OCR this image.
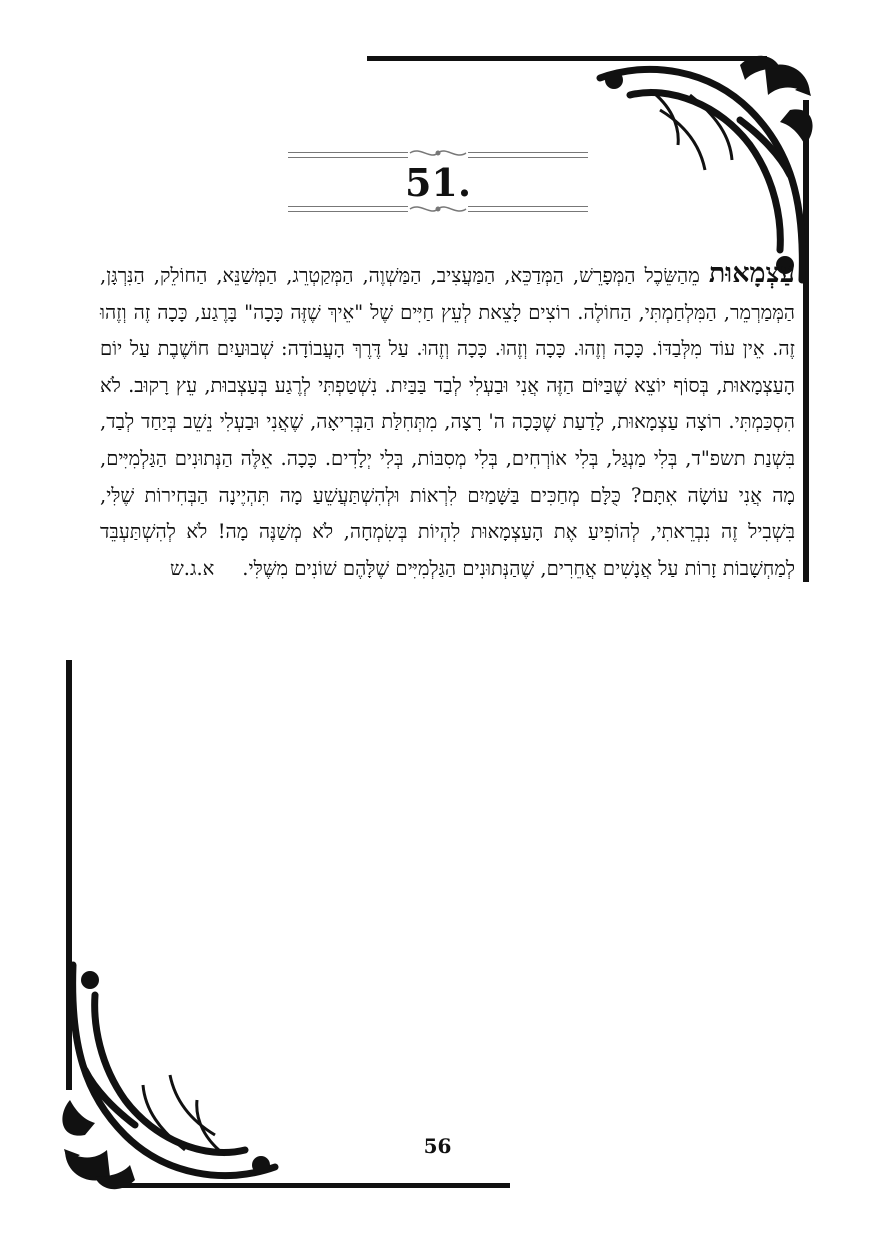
.51
עַצְמָאוּת מֵהַשֵּׂכֶל הַמְּפָרֵשׁ, הַמְּדַכֵּא, הַמַּעֲצִיב, הַמַּשְׁוֶה, הַמְּקַטְרֵג, הַמְּשַׁנֵּא, הַחוֹלֵק, הַנִּרְגָּן, הַמְּמַרְמֵר, הַמִּלְחַמְתִּי, הַחוֹלֶה. רוֹצִים לָצֵאת לְעֵץ חַיִּים שֶׁל "אֵיךְ שֶׁזֶּה כָּכָה" בָּרֶגַע, כָּכָה זֶה וְזֶהוּ זֶה. אֵין עוֹד מִלְּבַדּוֹ. כָּכָה וְזֶהוּ. כָּכָה וְזֶהוּ. כָּכָה וְזֶהוּ. עַל דֶּרֶךְ הָעֲבוֹדָה: שְׁבוּעַיִם חוֹשֶׁבֶת עַל יוֹם הָעַצְמָאוּת, בְּסוֹף יוֹצֵא שֶׁבַּיּוֹם הַזֶּה אֲנִי וּבַעְלִי לְבַד בַּבַּיִת. נִשְׁטַפְתִּי לְרֶגַע בְּעַצְבוּת, עֵץ רָקוּב. לֹא הִסְכַּמְתִּי. רוֹצָה עַצְמָאוּת, לָדַעַת שֶׁכָּכָה ה' רָצָה, מִתְּחִלַּת הַבְּרִיאָה, שֶׁאֲנִי וּבַעְלִי נֵשֵׁב בְּיַחַד לְבַד, בִּשְׁנַת תשפ"ד, בְּלִי מַנְגַּל, בְּלִי אוֹרְחִים, בְּלִי מְסִבּוֹת, בְּלִי יְלָדִים. כָּכָה. אֵלֶּה הַנְּתוּנִים הַגַּלְמִיִּים, מָה אֲנִי עוֹשָׂה אִתָּם? כֻּלָּם מְחַכִּים בַּשָּׁמַיִם לִרְאוֹת וּלְהִשְׁתַּעֲשֵׁעַ מָה תִּהְיֶינָה הַבְּחִירוֹת שֶׁלִּי, בִּשְׁבִיל זֶה נִבְרֵאתִי, לְהוֹפִיעַ אֶת הָעַצְמָאוּת לִהְיוֹת בְּשִׂמְחָה, לֹא מְשַׁנֶּה מָה! לֹא לְהִשְׁתַּעְבֵּד לְמַחְשָׁבוֹת זָרוֹת עַל אֲנָשִׁים אֲחֵרִים, שֶׁהַנְּתוּנִים הַגַּלְמִיִּים שֶׁלָּהֶם שׁוֹנִים מִשֶּׁלִּי.
א.ג.ש
56
